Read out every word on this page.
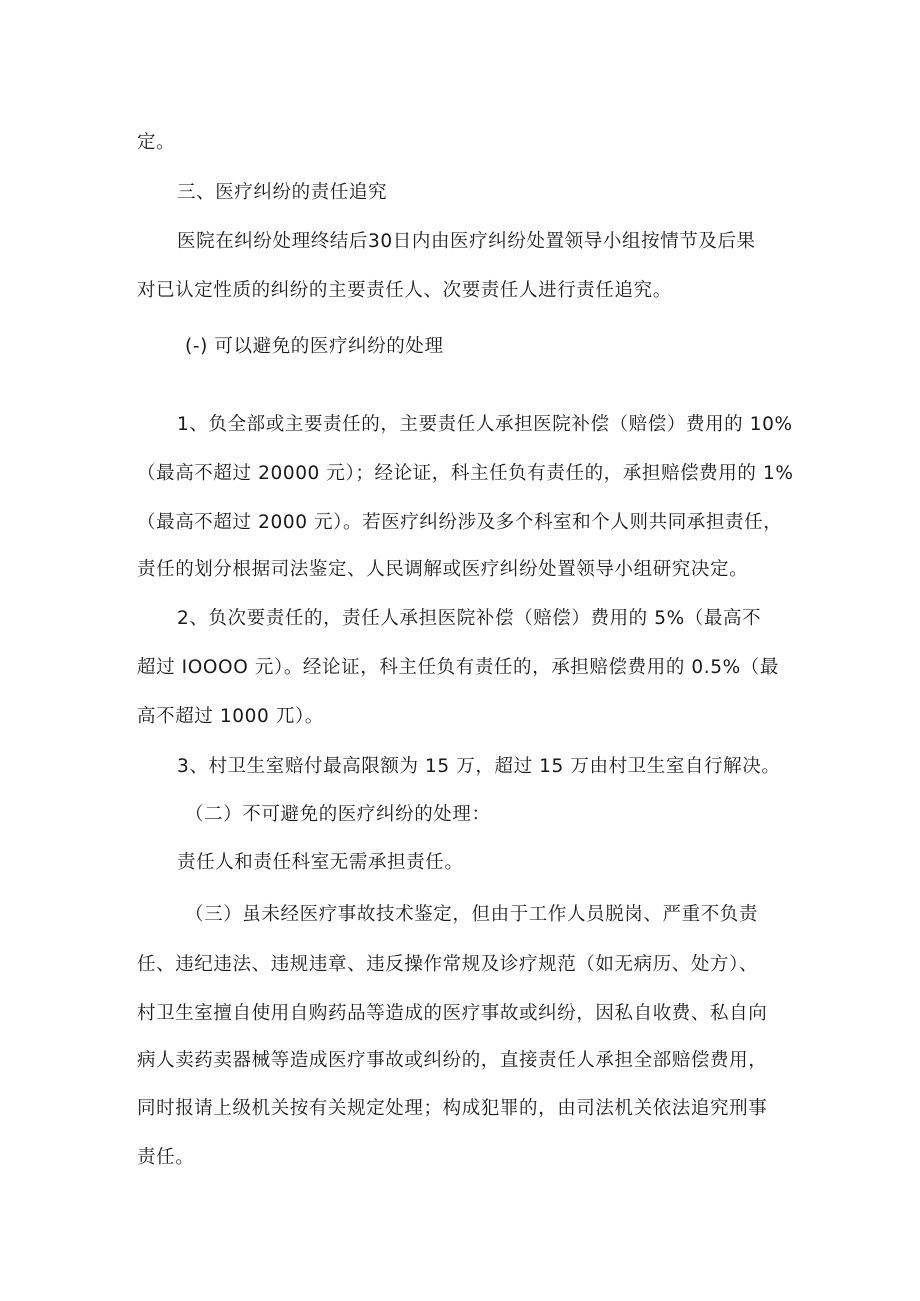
定。
三、医疗纠纷的责任追究
医院在纠纷处理终结后30日内由医疗纠纷处置领导小组按情节及后果
对已认定性质的纠纷的主要责任人、次要责任人进行责任追究。
(-) 可以避免的医疗纠纷的处理
1、负全部或主要责任的，主要责任人承担医院补偿（赔偿）费用的 10%
（最高不超过 20000 元）；经论证，科主任负有责任的，承担赔偿费用的 1%
（最高不超过 2000 元）。若医疗纠纷涉及多个科室和个人则共同承担责任，
责任的划分根据司法鉴定、人民调解或医疗纠纷处置领导小组研究决定。
2、负次要责任的，责任人承担医院补偿（赔偿）费用的 5%（最高不
超过 IOOOO 元）。经论证，科主任负有责任的，承担赔偿费用的 0.5%（最
高不超过 1000 兀）。
3、村卫生室赔付最高限额为 15 万，超过 15 万由村卫生室自行解决。
（二）不可避免的医疗纠纷的处理：
责任人和责任科室无需承担责任。
（三）虽未经医疗事故技术鉴定，但由于工作人员脱岗、严重不负责
任、违纪违法、违规违章、违反操作常规及诊疗规范（如无病历、处方）、
村卫生室擅自使用自购药品等造成的医疗事故或纠纷，因私自收费、私自向
病人卖药卖器械等造成医疗事故或纠纷的，直接责任人承担全部赔偿费用，
同时报请上级机关按有关规定处理；构成犯罪的，由司法机关依法追究刑事
责任。
